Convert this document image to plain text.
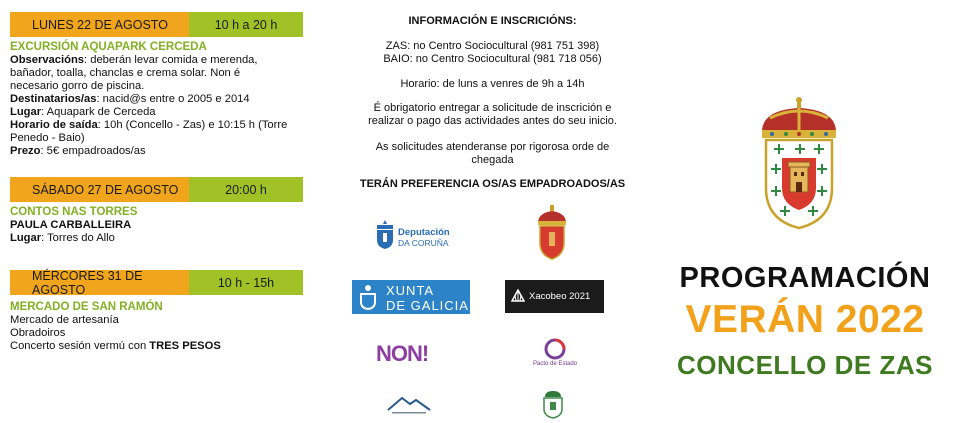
LUNES 22 DE AGOSTO	10 h a 20 h
EXCURSIÓN AQUAPARK CERCEDA
Observacións: deberán levar comida e merenda,
bañador, toalla, chanclas e crema solar. Non é
necesario gorro de piscina.
Destinatarios/as: nacid@s entre o 2005 e 2014
Lugar: Aquapark de Cerceda
Horario de saída: 10h (Concello - Zas) e 10:15 h (Torre
Penedo - Baio)
Prezo: 5€ empadroados/as
SÁBADO 27 DE AGOSTO	20:00 h
CONTOS NAS TORRES
PAULA CARBALLEIRA
Lugar: Torres do Allo
MÉRCORES 31 DE AGOSTO	10 h - 15h
MERCADO DE SAN RAMÓN
Mercado de artesanía
Obradoiros
Concerto sesión vermú con TRES PESOS
INFORMACIÓN E INSCRICIÓNS:
ZAS: no Centro Sociocultural (981 751 398)
BAIO: no Centro Sociocultural (981 718 056)
Horario: de luns a venres de 9h a 14h
É obrigatorio entregar a solicitude de inscrición e
realizar o pago das actividades antes do seu inicio.
As solicitudes atenderanse por rigorosa orde de
chegada
TERÁN PREFERENCIA OS/AS EMPADROADOS/AS
Deputación
DA CORUÑA
XUNTA
DE GALICIA
Xacobeo 2021
NON!	Pacto de Estado
PROGRAMACIÓN
VERÁN 2022
CONCELLO DE ZAS
